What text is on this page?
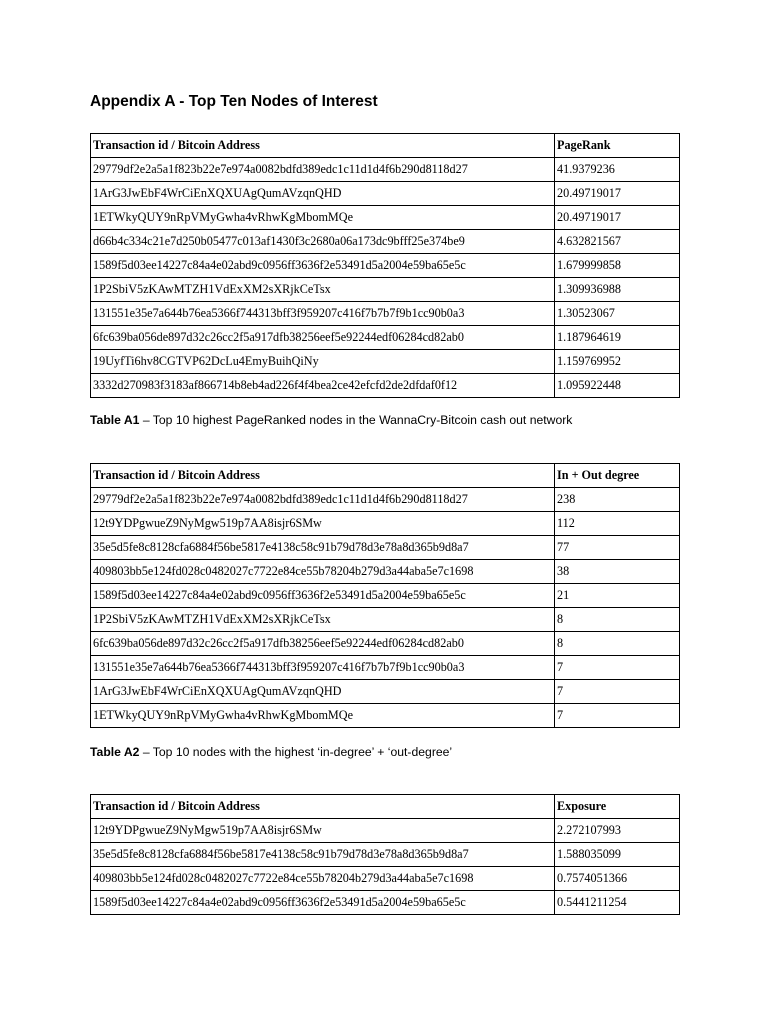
Appendix A - Top Ten Nodes of Interest
Transaction id / Bitcoin Address	PageRank
29779df2e2a5a1f823b22e7e974a0082bdfd389edc1c11d1d4f6b290d8118d27	41.9379236
1ArG3JwEbF4WrCiEnXQXUAgQumAVzqnQHD	20.49719017
1ETWkyQUY9nRpVMyGwha4vRhwKgMbomMQe	20.49719017
d66b4c334c21e7d250b05477c013af1430f3c2680a06a173dc9bfff25e374be9	4.632821567
1589f5d03ee14227c84a4e02abd9c0956ff3636f2e53491d5a2004e59ba65e5c	1.679999858
1P2SbiV5zKAwMTZH1VdExXM2sXRjkCeTsx	1.309936988
131551e35e7a644b76ea5366f744313bff3f959207c416f7b7b7f9b1cc90b0a3	1.30523067
6fc639ba056de897d32c26cc2f5a917dfb38256eef5e92244edf06284cd82ab0	1.187964619
19UyfTi6hv8CGTVP62DcLu4EmyBuihQiNy	1.159769952
3332d270983f3183af866714b8eb4ad226f4f4bea2ce42efcfd2de2dfdaf0f12	1.095922448

Table A1 – Top 10 highest PageRanked nodes in the WannaCry-Bitcoin cash out network

Transaction id / Bitcoin Address	In + Out degree
29779df2e2a5a1f823b22e7e974a0082bdfd389edc1c11d1d4f6b290d8118d27	238
12t9YDPgwueZ9NyMgw519p7AA8isjr6SMw	112
35e5d5fe8c8128cfa6884f56be5817e4138c58c91b79d78d3e78a8d365b9d8a7	77
409803bb5e124fd028c0482027c7722e84ce55b78204b279d3a44aba5e7c1698	38
1589f5d03ee14227c84a4e02abd9c0956ff3636f2e53491d5a2004e59ba65e5c	21
1P2SbiV5zKAwMTZH1VdExXM2sXRjkCeTsx	8
6fc639ba056de897d32c26cc2f5a917dfb38256eef5e92244edf06284cd82ab0	8
131551e35e7a644b76ea5366f744313bff3f959207c416f7b7b7f9b1cc90b0a3	7
1ArG3JwEbF4WrCiEnXQXUAgQumAVzqnQHD	7
1ETWkyQUY9nRpVMyGwha4vRhwKgMbomMQe	7

Table A2 – Top 10 nodes with the highest ‘in-degree’ + ‘out-degree’

Transaction id / Bitcoin Address	Exposure
12t9YDPgwueZ9NyMgw519p7AA8isjr6SMw	2.272107993
35e5d5fe8c8128cfa6884f56be5817e4138c58c91b79d78d3e78a8d365b9d8a7	1.588035099
409803bb5e124fd028c0482027c7722e84ce55b78204b279d3a44aba5e7c1698	0.7574051366
1589f5d03ee14227c84a4e02abd9c0956ff3636f2e53491d5a2004e59ba65e5c	0.5441211254
